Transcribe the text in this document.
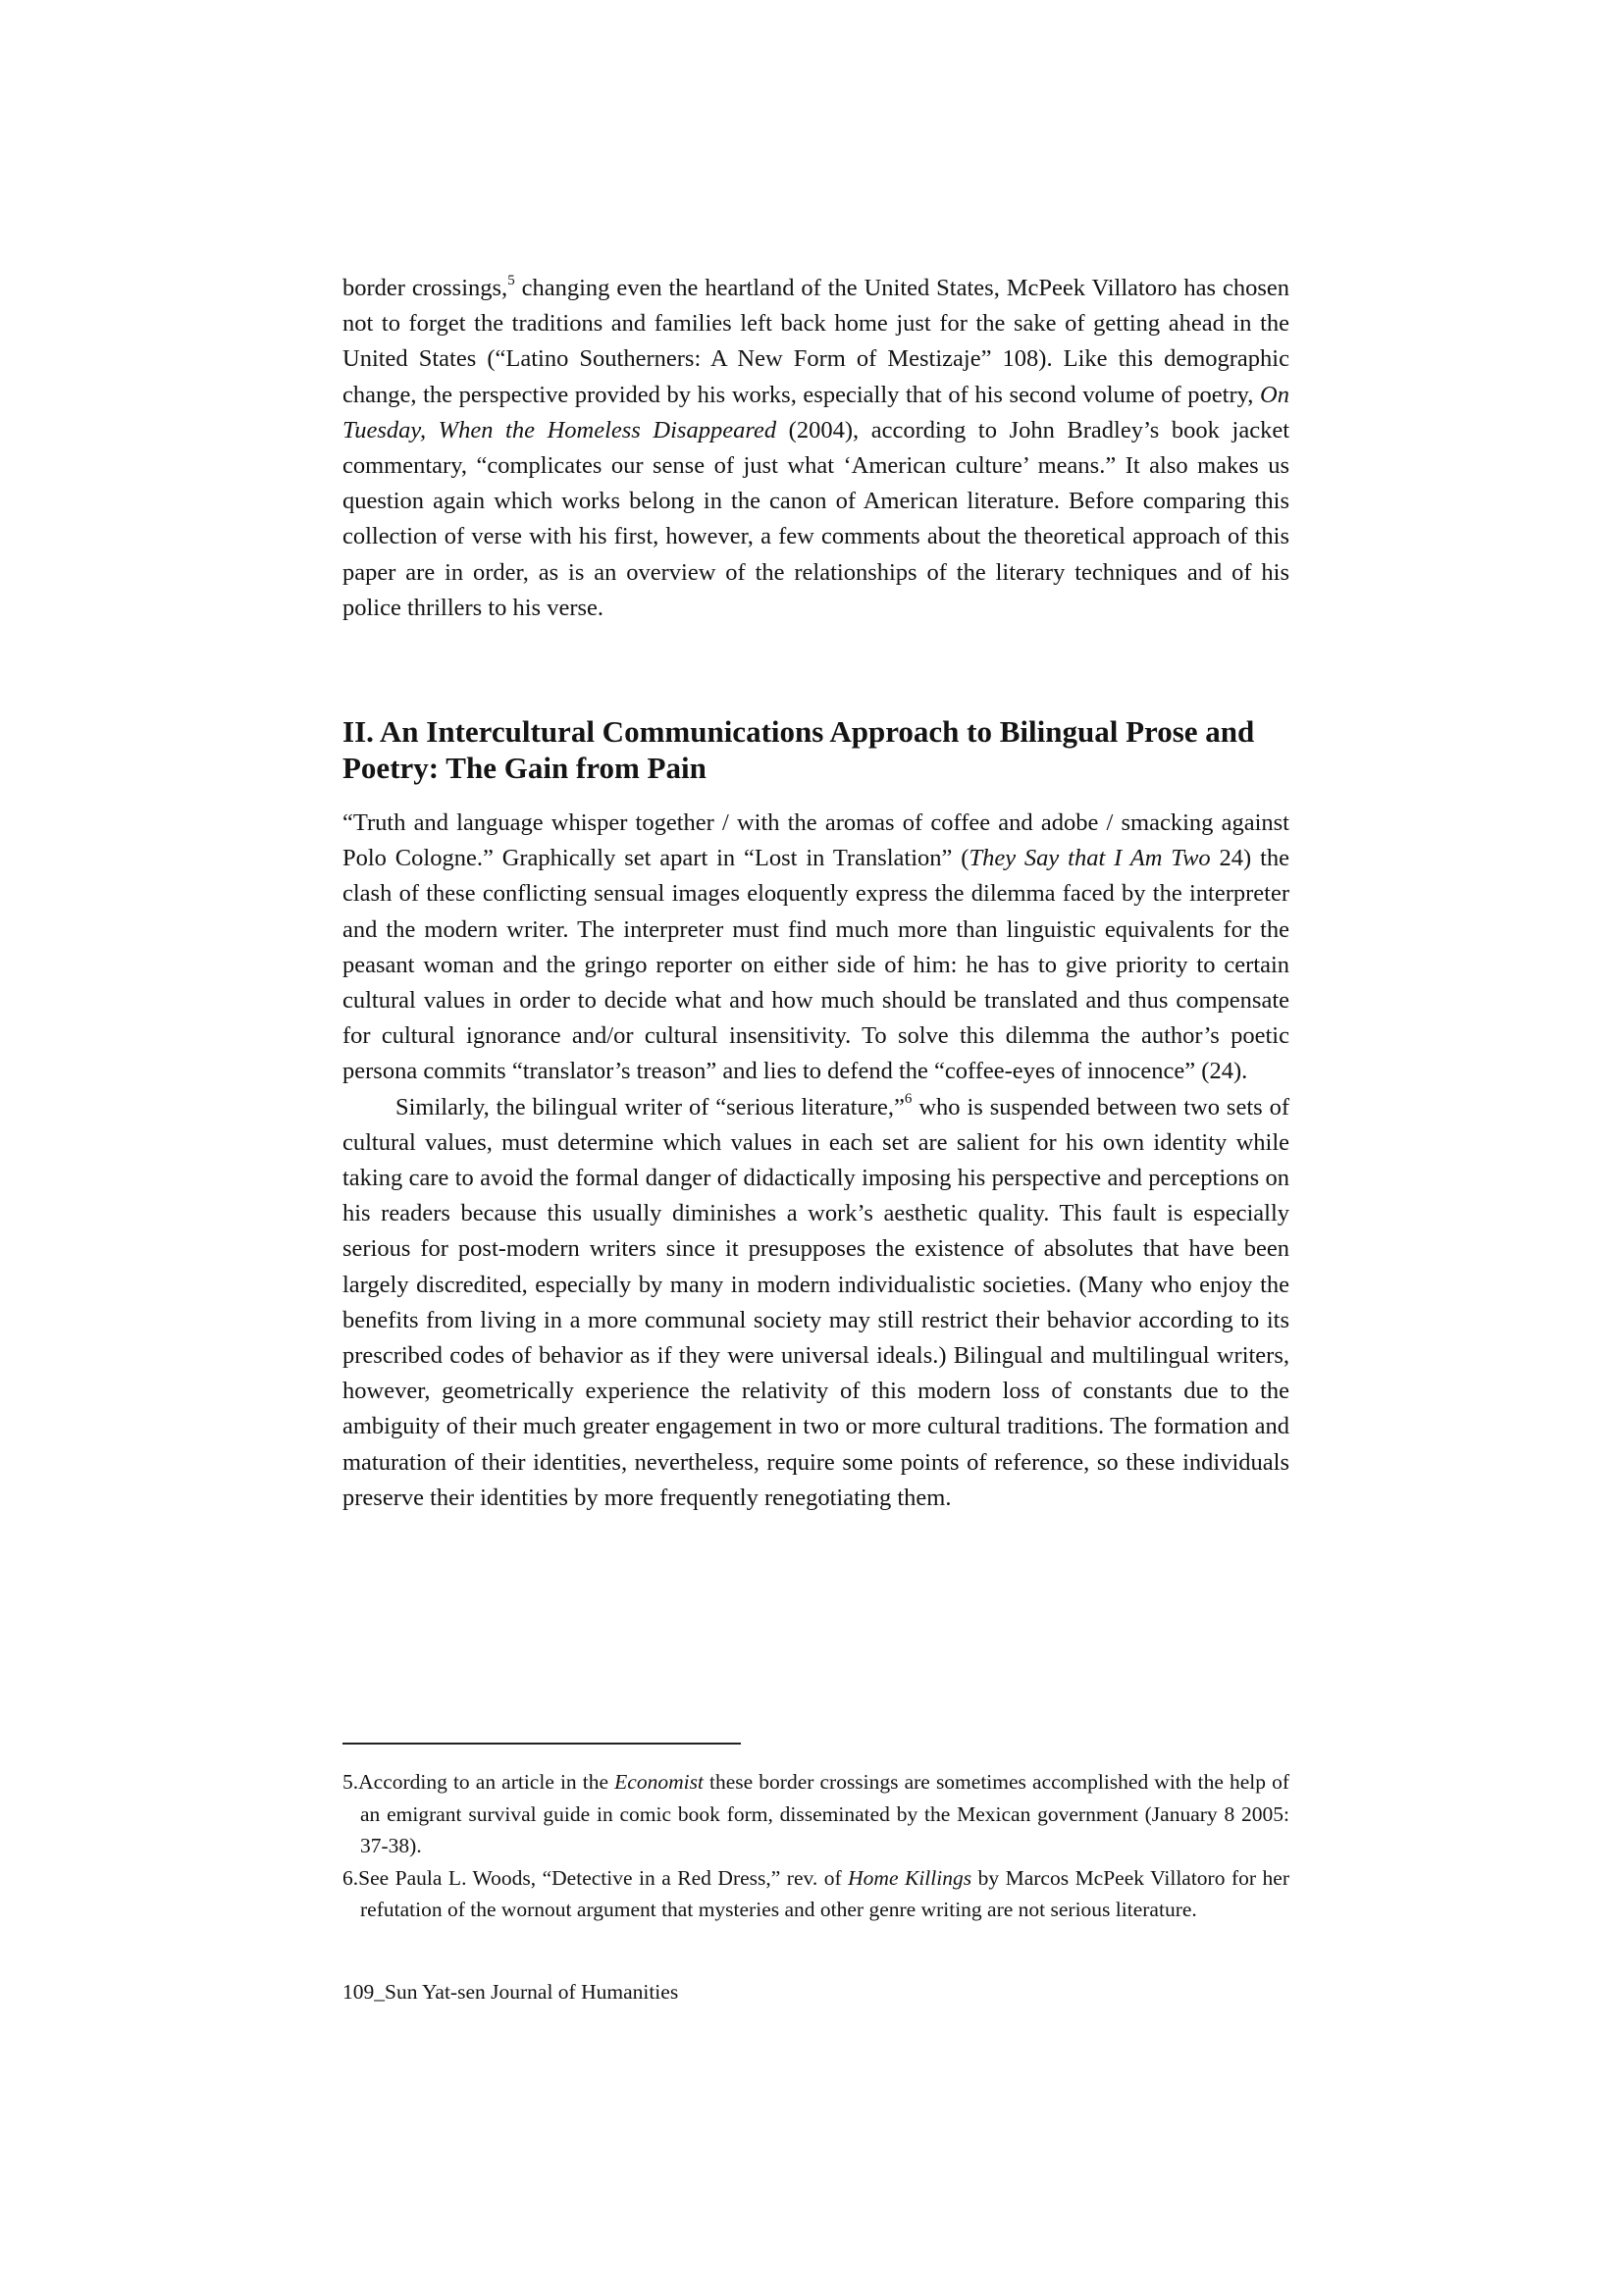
border crossings,$^5$ changing even the heartland of the United States, McPeek Villatoro has chosen not to forget the traditions and families left back home just for the sake of getting ahead in the United States (“Latino Southerners: A New Form of Mestizaje” 108). Like this demographic change, the perspective provided by his works, especially that of his second volume of poetry, On Tuesday, When the Homeless Disappeared (2004), according to John Bradley’s book jacket commentary, “complicates our sense of just what ‘American culture’ means.” It also makes us question again which works belong in the canon of American literature. Before comparing this collection of verse with his first, however, a few comments about the theoretical approach of this paper are in order, as is an overview of the relationships of the literary techniques and of his police thrillers to his verse.

II. An Intercultural Communications Approach to Bilingual Prose and Poetry: The Gain from Pain

“Truth and language whisper together / with the aromas of coffee and adobe / smacking against Polo Cologne.” Graphically set apart in “Lost in Translation” (They Say that I Am Two 24) the clash of these conflicting sensual images eloquently express the dilemma faced by the interpreter and the modern writer. The interpreter must find much more than linguistic equivalents for the peasant woman and the gringo reporter on either side of him: he has to give priority to certain cultural values in order to decide what and how much should be translated and thus compensate for cultural ignorance and/or cultural insensitivity. To solve this dilemma the author’s poetic persona commits “translator’s treason” and lies to defend the “coffee-eyes of innocence” (24).

Similarly, the bilingual writer of “serious literature,”$^6$ who is suspended between two sets of cultural values, must determine which values in each set are salient for his own identity while taking care to avoid the formal danger of didactically imposing his perspective and perceptions on his readers because this usually diminishes a work’s aesthetic quality. This fault is especially serious for post-modern writers since it presupposes the existence of absolutes that have been largely discredited, especially by many in modern individualistic societies. (Many who enjoy the benefits from living in a more communal society may still restrict their behavior according to its prescribed codes of behavior as if they were universal ideals.) Bilingual and multilingual writers, however, geometrically experience the relativity of this modern loss of constants due to the ambiguity of their much greater engagement in two or more cultural traditions. The formation and maturation of their identities, nevertheless, require some points of reference, so these individuals preserve their identities by more frequently renegotiating them.

5.According to an article in the Economist these border crossings are sometimes accomplished with the help of an emigrant survival guide in comic book form, disseminated by the Mexican government (January 8 2005: 37-38).

6.See Paula L. Woods, “Detective in a Red Dress,” rev. of Home Killings by Marcos McPeek Villatoro for her refutation of the wornout argument that mysteries and other genre writing are not serious literature.

109_Sun Yat-sen Journal of Humanities
